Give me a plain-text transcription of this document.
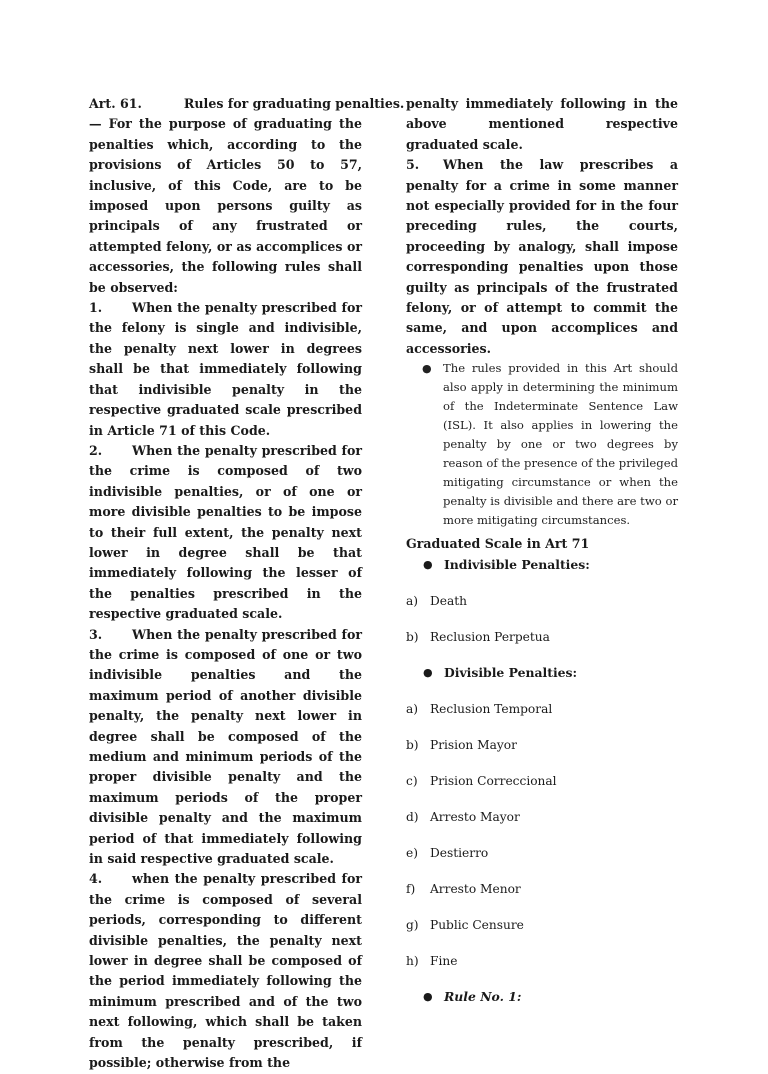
Art. 61.	Rules for graduating penalties.

— For the purpose of graduating the penalties which, according to the provisions of Articles 50 to 57, inclusive, of this Code, are to be imposed upon persons guilty as principals of any frustrated or attempted felony, or as accomplices or accessories, the following rules shall be observed:

1. When the penalty prescribed for the felony is single and indivisible, the penalty next lower in degrees shall be that immediately following that indivisible penalty in the respective graduated scale prescribed in Article 71 of this Code.

2. When the penalty prescribed for the crime is composed of two indivisible penalties, or of one or more divisible penalties to be impose to their full extent, the penalty next lower in degree shall be that immediately following the lesser of the penalties prescribed in the respective graduated scale.

3. When the penalty prescribed for the crime is composed of one or two indivisible penalties and the maximum period of another divisible penalty, the penalty next lower in degree shall be composed of the medium and minimum periods of the proper divisible penalty and the maximum periods of the proper divisible penalty and the maximum period of that immediately following in said respective graduated scale.

4. when the penalty prescribed for the crime is composed of several periods, corresponding to different divisible penalties, the penalty next lower in degree shall be composed of the period immediately following the minimum prescribed and of the two next following, which shall be taken from the penalty prescribed, if possible; otherwise from the

penalty immediately following in the above mentioned respective graduated scale.

5. When the law prescribes a penalty for a crime in some manner not especially provided for in the four preceding rules, the courts, proceeding by analogy, shall impose corresponding penalties upon those guilty as principals of the frustrated felony, or of attempt to commit the same, and upon accomplices and accessories.

● The rules provided in this Art should also apply in determining the minimum of the Indeterminate Sentence Law (ISL). It also applies in lowering the penalty by one or two degrees by reason of the presence of the privileged mitigating circumstance or when the penalty is divisible and there are two or more mitigating circumstances.

Graduated Scale in Art 71

● Indivisible Penalties:
a) Death
b) Reclusion Perpetua
● Divisible Penalties:
a) Reclusion Temporal
b) Prision Mayor
c) Prision Correccional
d) Arresto Mayor
e) Destierro
f) Arresto Menor
g) Public Censure
h) Fine
● Rule No. 1:
